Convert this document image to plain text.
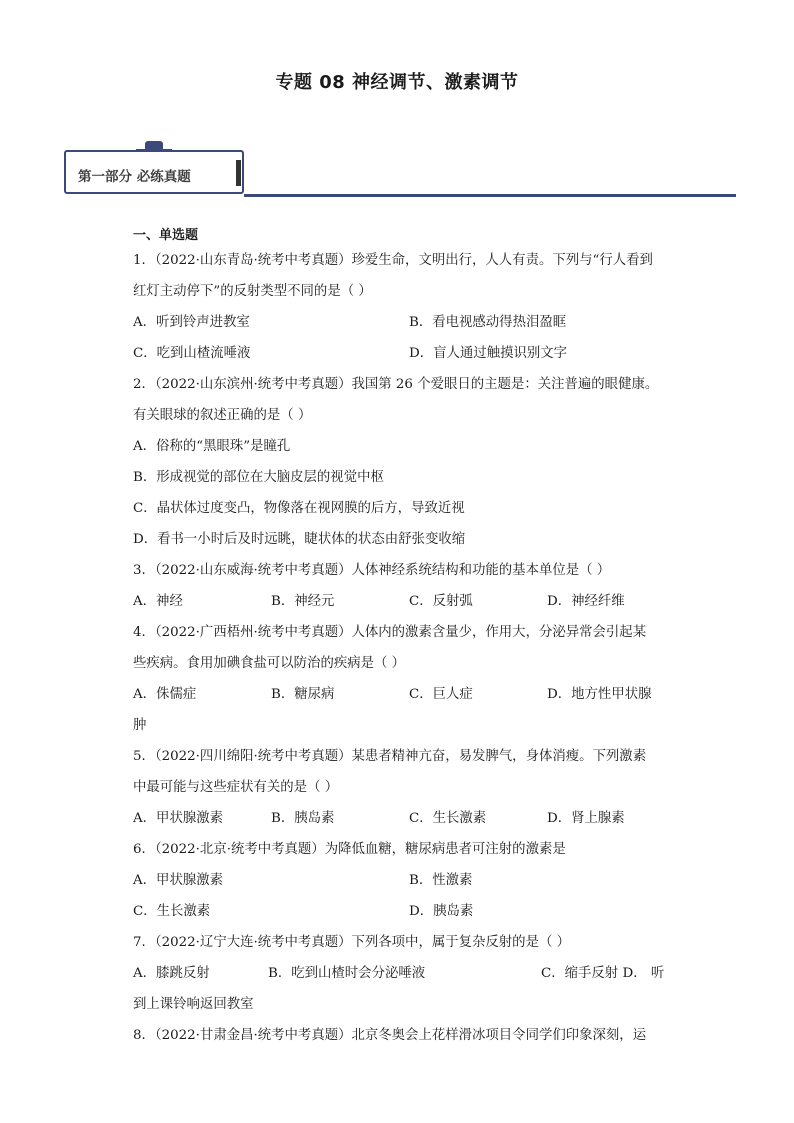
专题 08 神经调节、激素调节
第一部分 必练真题
一、单选题
1．（2022·山东青岛·统考中考真题）珍爱生命，文明出行，人人有责。下列与“行人看到
红灯主动停下”的反射类型不同的是（ ）
A．听到铃声进教室	B．看电视感动得热泪盈眶
C．吃到山楂流唾液	D．盲人通过触摸识别文字
2．（2022·山东滨州·统考中考真题）我国第 26 个爱眼日的主题是：关注普遍的眼健康。
有关眼球的叙述正确的是（ ）
A．俗称的“黑眼珠”是瞳孔
B．形成视觉的部位在大脑皮层的视觉中枢
C．晶状体过度变凸，物像落在视网膜的后方，导致近视
D．看书一小时后及时远眺，睫状体的状态由舒张变收缩
3．（2022·山东威海·统考中考真题）人体神经系统结构和功能的基本单位是（ ）
A．神经	B．神经元	C．反射弧	D．神经纤维
4．（2022·广西梧州·统考中考真题）人体内的激素含量少，作用大，分泌异常会引起某
些疾病。食用加碘食盐可以防治的疾病是（ ）
A．侏儒症	B．糖尿病	C．巨人症	D．地方性甲状腺
肿
5．（2022·四川绵阳·统考中考真题）某患者精神亢奋，易发脾气，身体消瘦。下列激素
中最可能与这些症状有关的是（ ）
A．甲状腺激素	B．胰岛素	C．生长激素	D．肾上腺素
6．（2022·北京·统考中考真题）为降低血糖，糖尿病患者可注射的激素是
A．甲状腺激素	B．性激素
C．生长激素	D．胰岛素
7．（2022·辽宁大连·统考中考真题）下列各项中，属于复杂反射的是（ ）
A．膝跳反射	B．吃到山楂时会分泌唾液	C．缩手反射 D． 听
到上课铃响返回教室
8．（2022·甘肃金昌·统考中考真题）北京冬奥会上花样滑冰项目令同学们印象深刻，运
